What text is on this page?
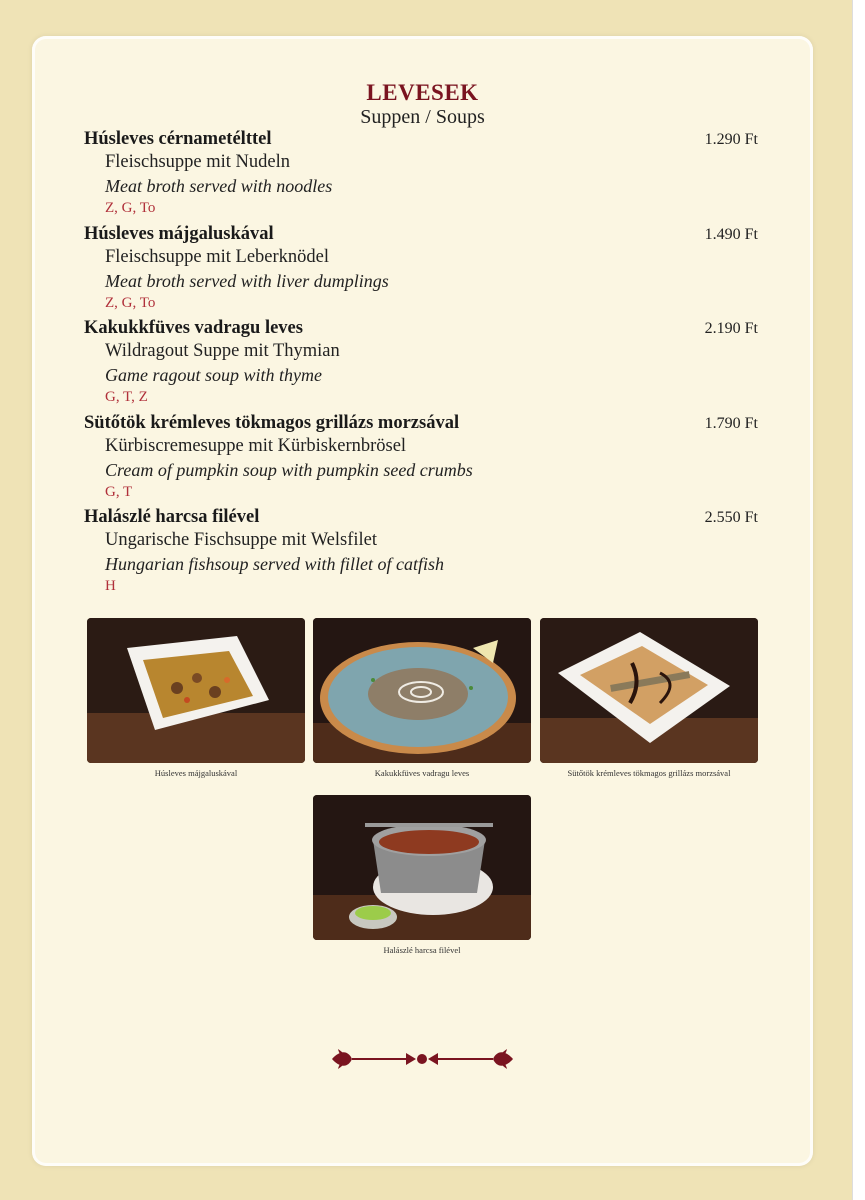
LEVESEK
Suppen / Soups
Húsleves cérnametélttel	1.290 Ft
Fleischsuppe mit Nudeln
Meat broth served with noodles
Z, G, To
Húsleves májgaluskával	1.490 Ft
Fleischsuppe mit Leberknödel
Meat broth served with liver dumplings
Z, G, To
Kakukkfüves vadragu leves	2.190 Ft
Wildragout Suppe mit Thymian
Game ragout soup with thyme
G, T, Z
Sütőtök krémleves tökmagos grillázs morzsával	1.790 Ft
Kürbiscremesuppe mit Kürbiskernbrösel
Cream of pumpkin soup with pumpkin seed crumbs
G, T
Halászlé harcsa filével	2.550 Ft
Ungarische Fischsuppe mit Welsfilet
Hungarian fishsoup served with fillet of catfish
H
Húsleves májgaluskával	Kakukkfüves vadragu leves	Sütőtök krémleves tökmagos grillázs morzsával
Halászlé harcsa filével
